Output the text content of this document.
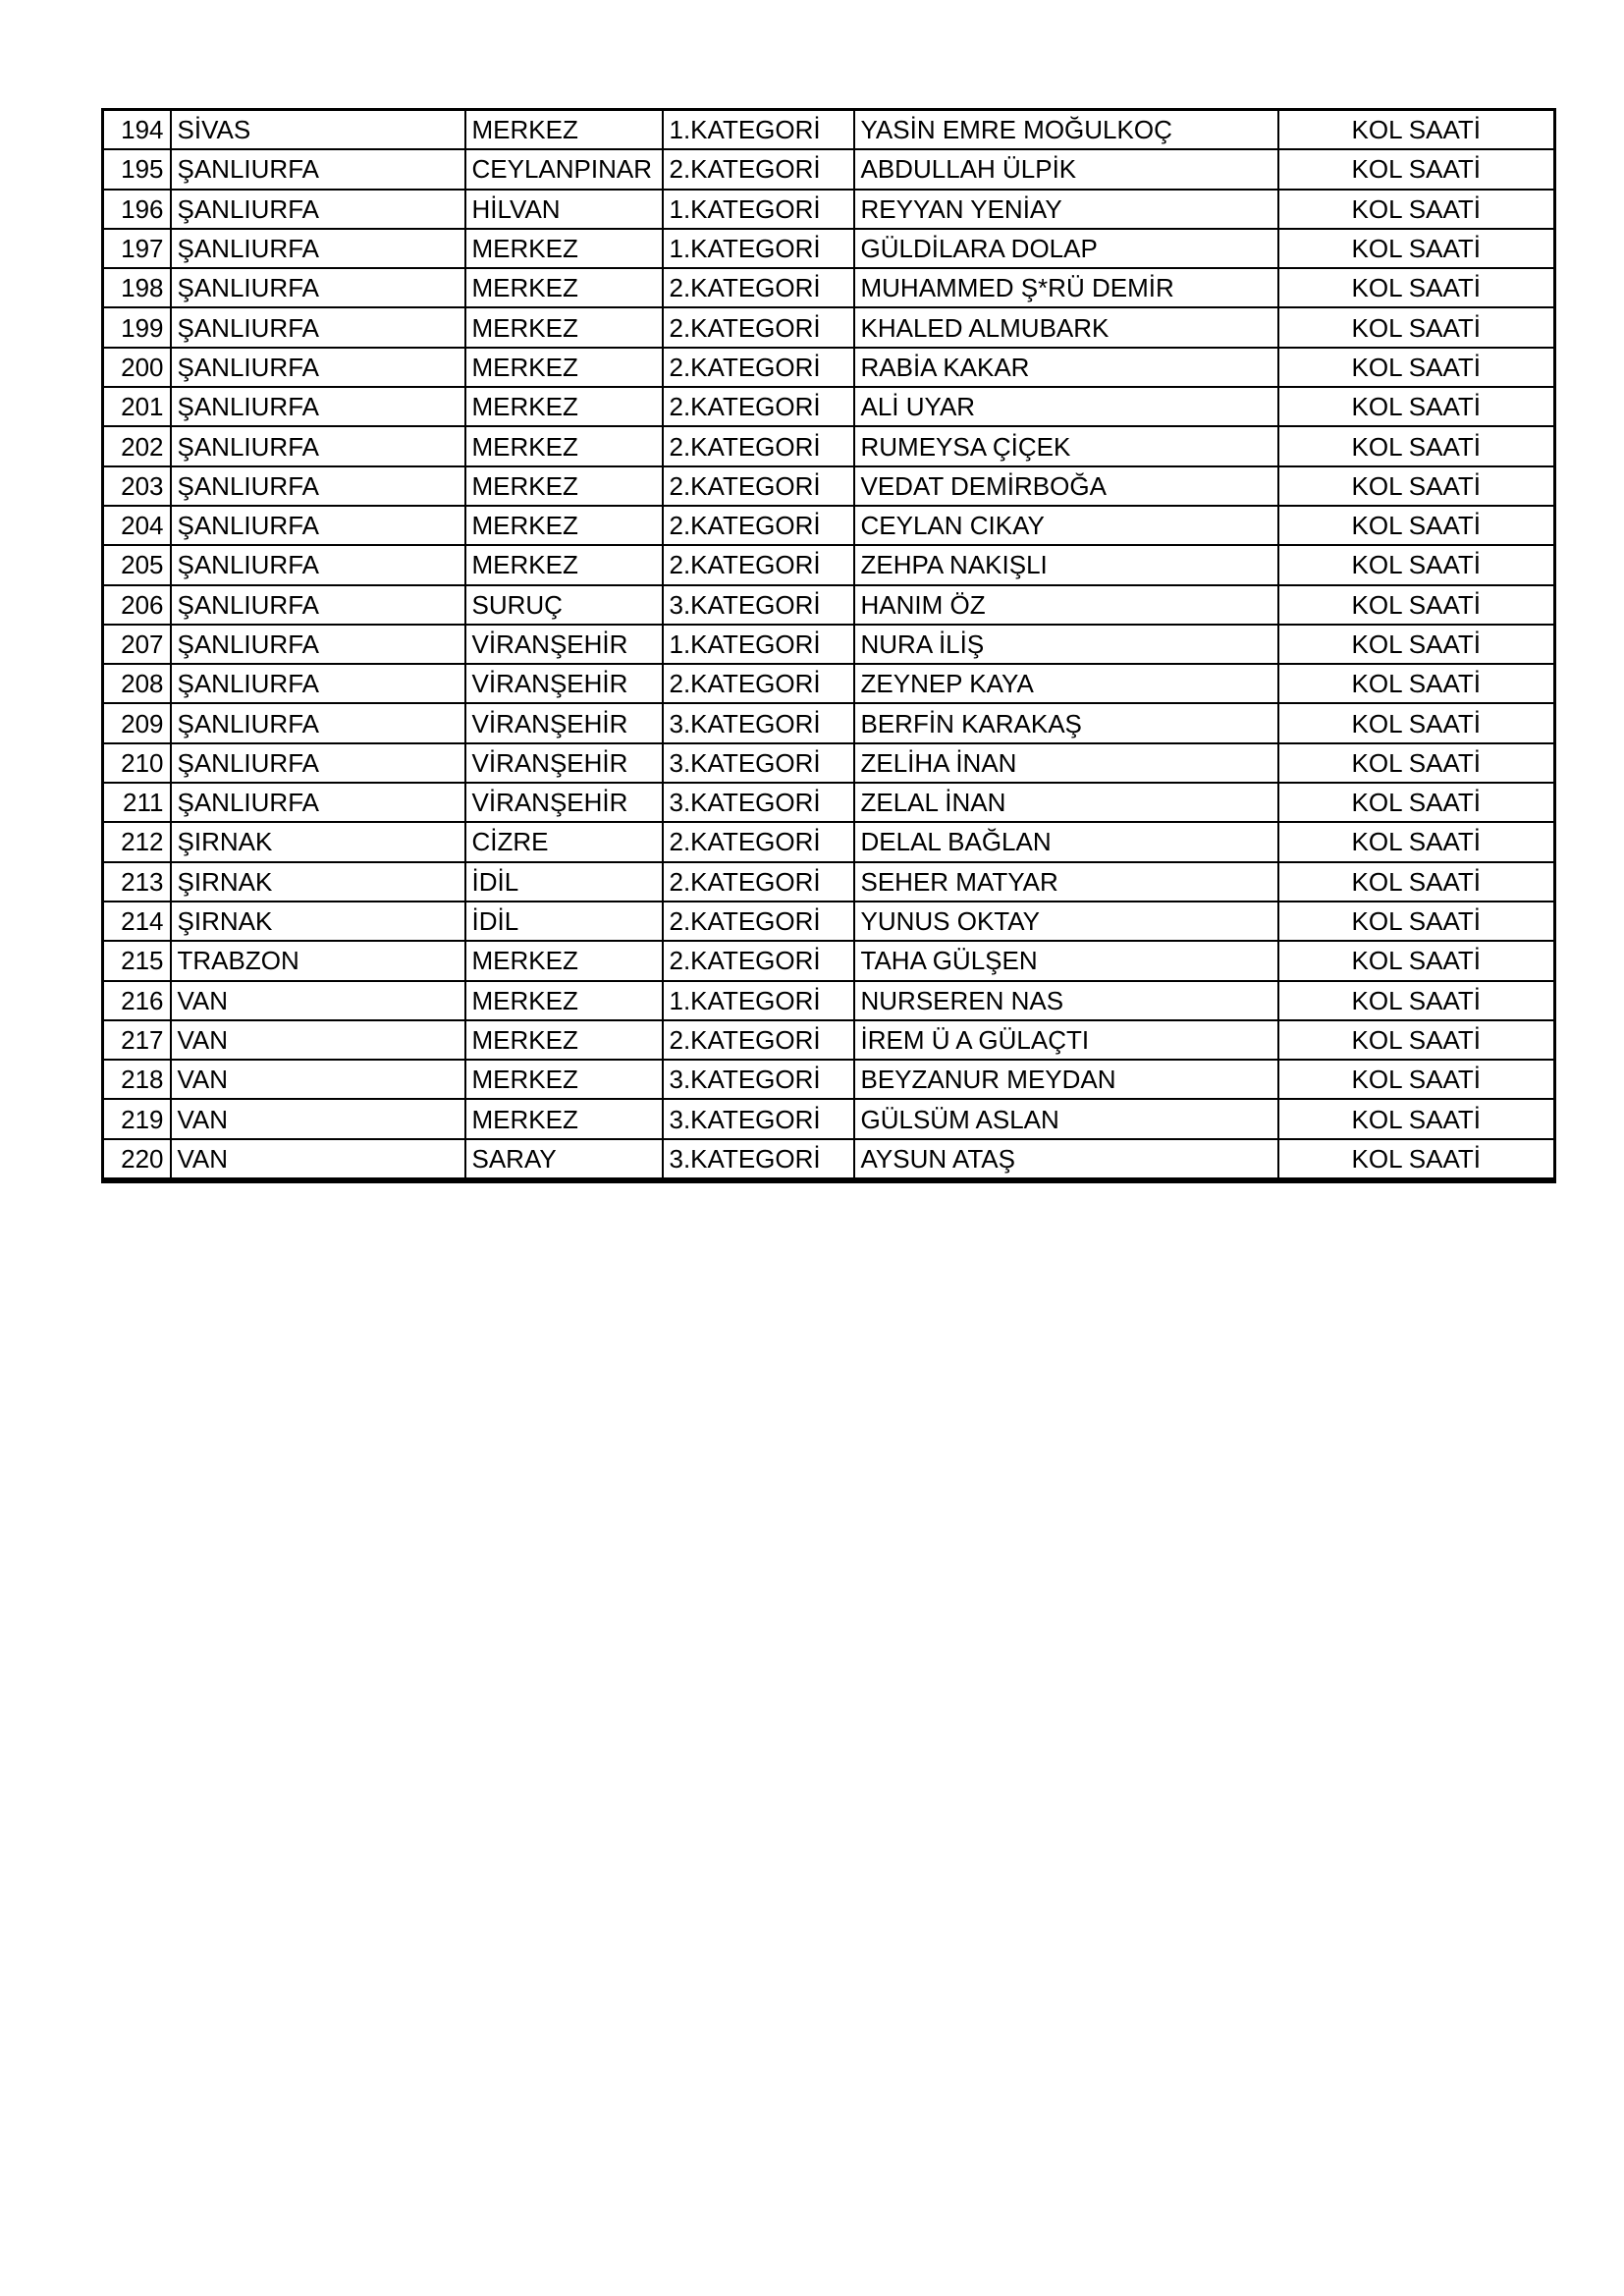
194	SİVAS	MERKEZ	1.KATEGORİ	YASİN EMRE MOĞULKOÇ	KOL SAATİ
195	ŞANLIURFA	CEYLANPINAR	2.KATEGORİ	ABDULLAH ÜLPİK	KOL SAATİ
196	ŞANLIURFA	HİLVAN	1.KATEGORİ	REYYAN YENİAY	KOL SAATİ
197	ŞANLIURFA	MERKEZ	1.KATEGORİ	GÜLDİLARA DOLAP	KOL SAATİ
198	ŞANLIURFA	MERKEZ	2.KATEGORİ	MUHAMMED Ş*RÜ DEMİR	KOL SAATİ
199	ŞANLIURFA	MERKEZ	2.KATEGORİ	KHALED ALMUBARK	KOL SAATİ
200	ŞANLIURFA	MERKEZ	2.KATEGORİ	RABİA KAKAR	KOL SAATİ
201	ŞANLIURFA	MERKEZ	2.KATEGORİ	ALİ UYAR	KOL SAATİ
202	ŞANLIURFA	MERKEZ	2.KATEGORİ	RUMEYSA ÇİÇEK	KOL SAATİ
203	ŞANLIURFA	MERKEZ	2.KATEGORİ	VEDAT DEMİRBOĞA	KOL SAATİ
204	ŞANLIURFA	MERKEZ	2.KATEGORİ	CEYLAN CIKAY	KOL SAATİ
205	ŞANLIURFA	MERKEZ	2.KATEGORİ	ZEHPA NAKIŞLI	KOL SAATİ
206	ŞANLIURFA	SURUÇ	3.KATEGORİ	HANIM ÖZ	KOL SAATİ
207	ŞANLIURFA	VİRANŞEHİR	1.KATEGORİ	NURA İLİŞ	KOL SAATİ
208	ŞANLIURFA	VİRANŞEHİR	2.KATEGORİ	ZEYNEP KAYA	KOL SAATİ
209	ŞANLIURFA	VİRANŞEHİR	3.KATEGORİ	BERFİN KARAKAŞ	KOL SAATİ
210	ŞANLIURFA	VİRANŞEHİR	3.KATEGORİ	ZELİHA İNAN	KOL SAATİ
211	ŞANLIURFA	VİRANŞEHİR	3.KATEGORİ	ZELAL İNAN	KOL SAATİ
212	ŞIRNAK	CİZRE	2.KATEGORİ	DELAL BAĞLAN	KOL SAATİ
213	ŞIRNAK	İDİL	2.KATEGORİ	SEHER MATYAR	KOL SAATİ
214	ŞIRNAK	İDİL	2.KATEGORİ	YUNUS OKTAY	KOL SAATİ
215	TRABZON	MERKEZ	2.KATEGORİ	TAHA GÜLŞEN	KOL SAATİ
216	VAN	MERKEZ	1.KATEGORİ	NURSEREN NAS	KOL SAATİ
217	VAN	MERKEZ	2.KATEGORİ	İREM Ü A GÜLAÇTI	KOL SAATİ
218	VAN	MERKEZ	3.KATEGORİ	BEYZANUR MEYDAN	KOL SAATİ
219	VAN	MERKEZ	3.KATEGORİ	GÜLSÜM ASLAN	KOL SAATİ
220	VAN	SARAY	3.KATEGORİ	AYSUN ATAŞ	KOL SAATİ
